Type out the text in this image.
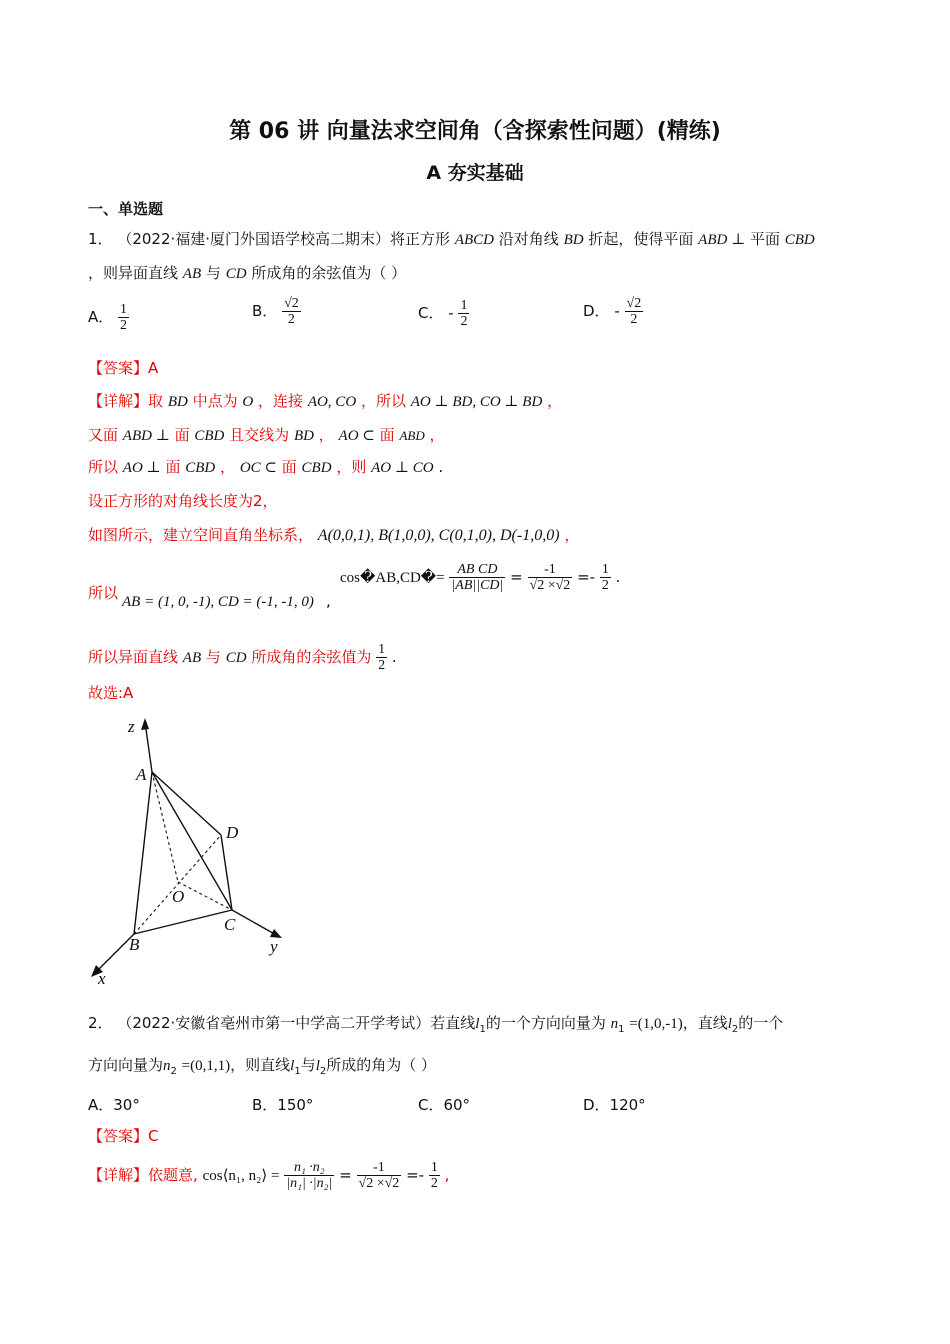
第 06 讲 向量法求空间角（含探索性问题）(精练)
A 夯实基础
一、单选题
1． （2022·福建·厦门外国语学校高二期末）将正方形 ABCD 沿对角线 BD 折起，使得平面 ABD ⊥ 平面 CBD
，则异面直线 AB 与 CD 所成角的余弦值为（ ）
A． $\frac{1}{2}$	B． $\frac{√2}{2}$	C． - $\frac{1}{2}$	D． - $\frac{√2}{2}$
【答案】A
【详解】取 BD 中点为 O ，连接 AO, CO ，所以 AO ⊥ BD, CO ⊥ BD ，
又面 ABD ⊥ 面 CBD 且交线为 BD ， AO ⊂ 面 ABD ，
所以 AO ⊥ 面 CBD ， OC ⊂ 面 CBD ，则 AO ⊥ CO .
设正方形的对角线长度为2，
如图所示，建立空间直角坐标系， A(0,0,1), B(1,0,0), C(0,1,0), D(-1,0,0) ，
所以 AB = (1, 0, -1), CD = (-1, -1, 0) ,
cos�AB,CD�= $\frac{\text{AB CD}}{|AB||CD|} = \frac{-1}{√2 \times√2} =- \frac{1}{2}$ .
所以异面直线 AB 与 CD 所成角的余弦值为 $\frac{1}{2}$ .
故选:A
z
y
x
A
B
C
D
O
2． （2022·安徽省亳州市第一中学高二开学考试）若直线$l_1$的一个方向向量为 $n_1 =(1,0,-1)$，直线$l_2$的一个
方向向量为$n_2 =(0,1,1)$，则直线$l_1$与$l_2$所成的角为（ ）
A．30°	B．150°	C．60°	D．120°
【答案】C
【详解】依题意, cos⟨n₁, n₂⟩ = $\frac{\text{n₁ ·n₂}}{\text{|n₁| ·|n₂|}} = \frac{-1}{√2 \times√2} =- \frac{1}{2}$ ,
